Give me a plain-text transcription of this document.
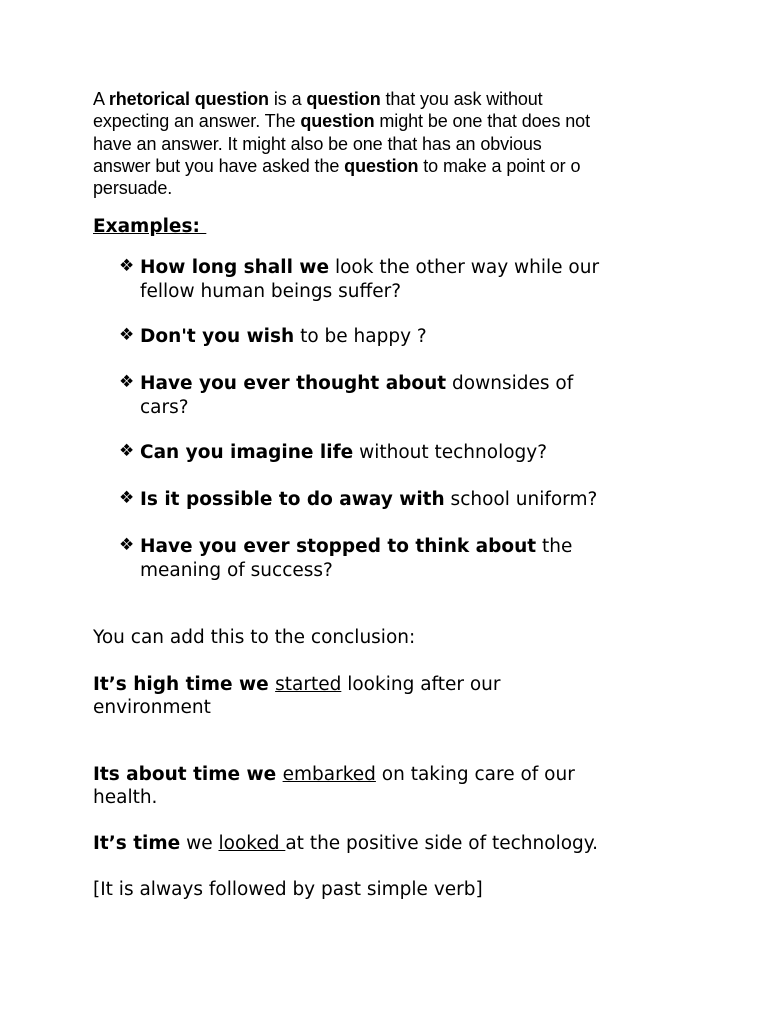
A rhetorical question is a question that you ask without
expecting an answer. The question might be one that does not
have an answer. It might also be one that has an obvious
answer but you have asked the question to make a point or o
persuade.

Examples:
❖ How long shall we look the other way while our
fellow human beings suffer?
❖ Don't you wish to be happy ?
❖ Have you ever thought about downsides of
cars?
❖ Can you imagine life without technology?
❖ Is it possible to do away with school uniform?
❖ Have you ever stopped to think about the
meaning of success?
You can add this to the conclusion:
It’s high time we started looking after our
environment
Its about time we embarked on taking care of our
health.
It’s time we looked at the positive side of technology.
[It is always followed by past simple verb]
